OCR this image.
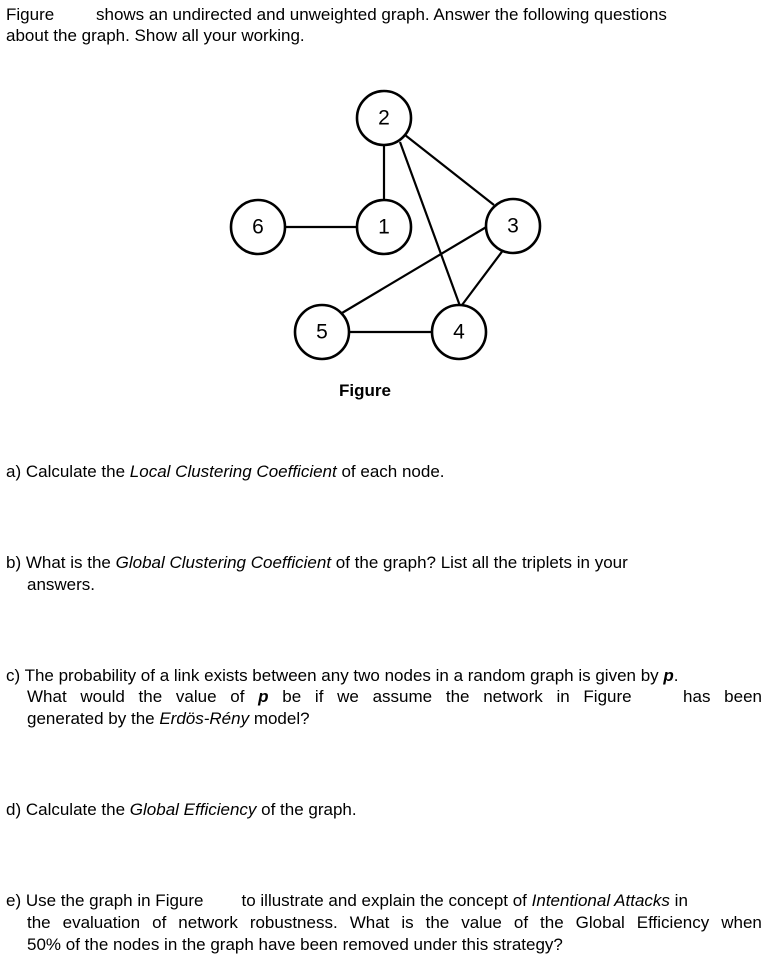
Figure shows an undirected and unweighted graph. Answer the following questions
about the graph. Show all your working.
2
6	1	3
5	4
Figure
a) Calculate the Local Clustering Coefficient of each node.
b) What is the Global Clustering Coefficient of the graph? List all the triplets in your
answers.
c) The probability of a link exists between any two nodes in a random graph is given by p.
What would the value of p be if we assume the network in Figure	has been
generated by the Erdös-Rény model?
d) Calculate the Global Efficiency of the graph.
e) Use the graph in Figure to illustrate and explain the concept of Intentional Attacks in
the evaluation of network robustness. What is the value of the Global Efficiency when
50% of the nodes in the graph have been removed under this strategy?
